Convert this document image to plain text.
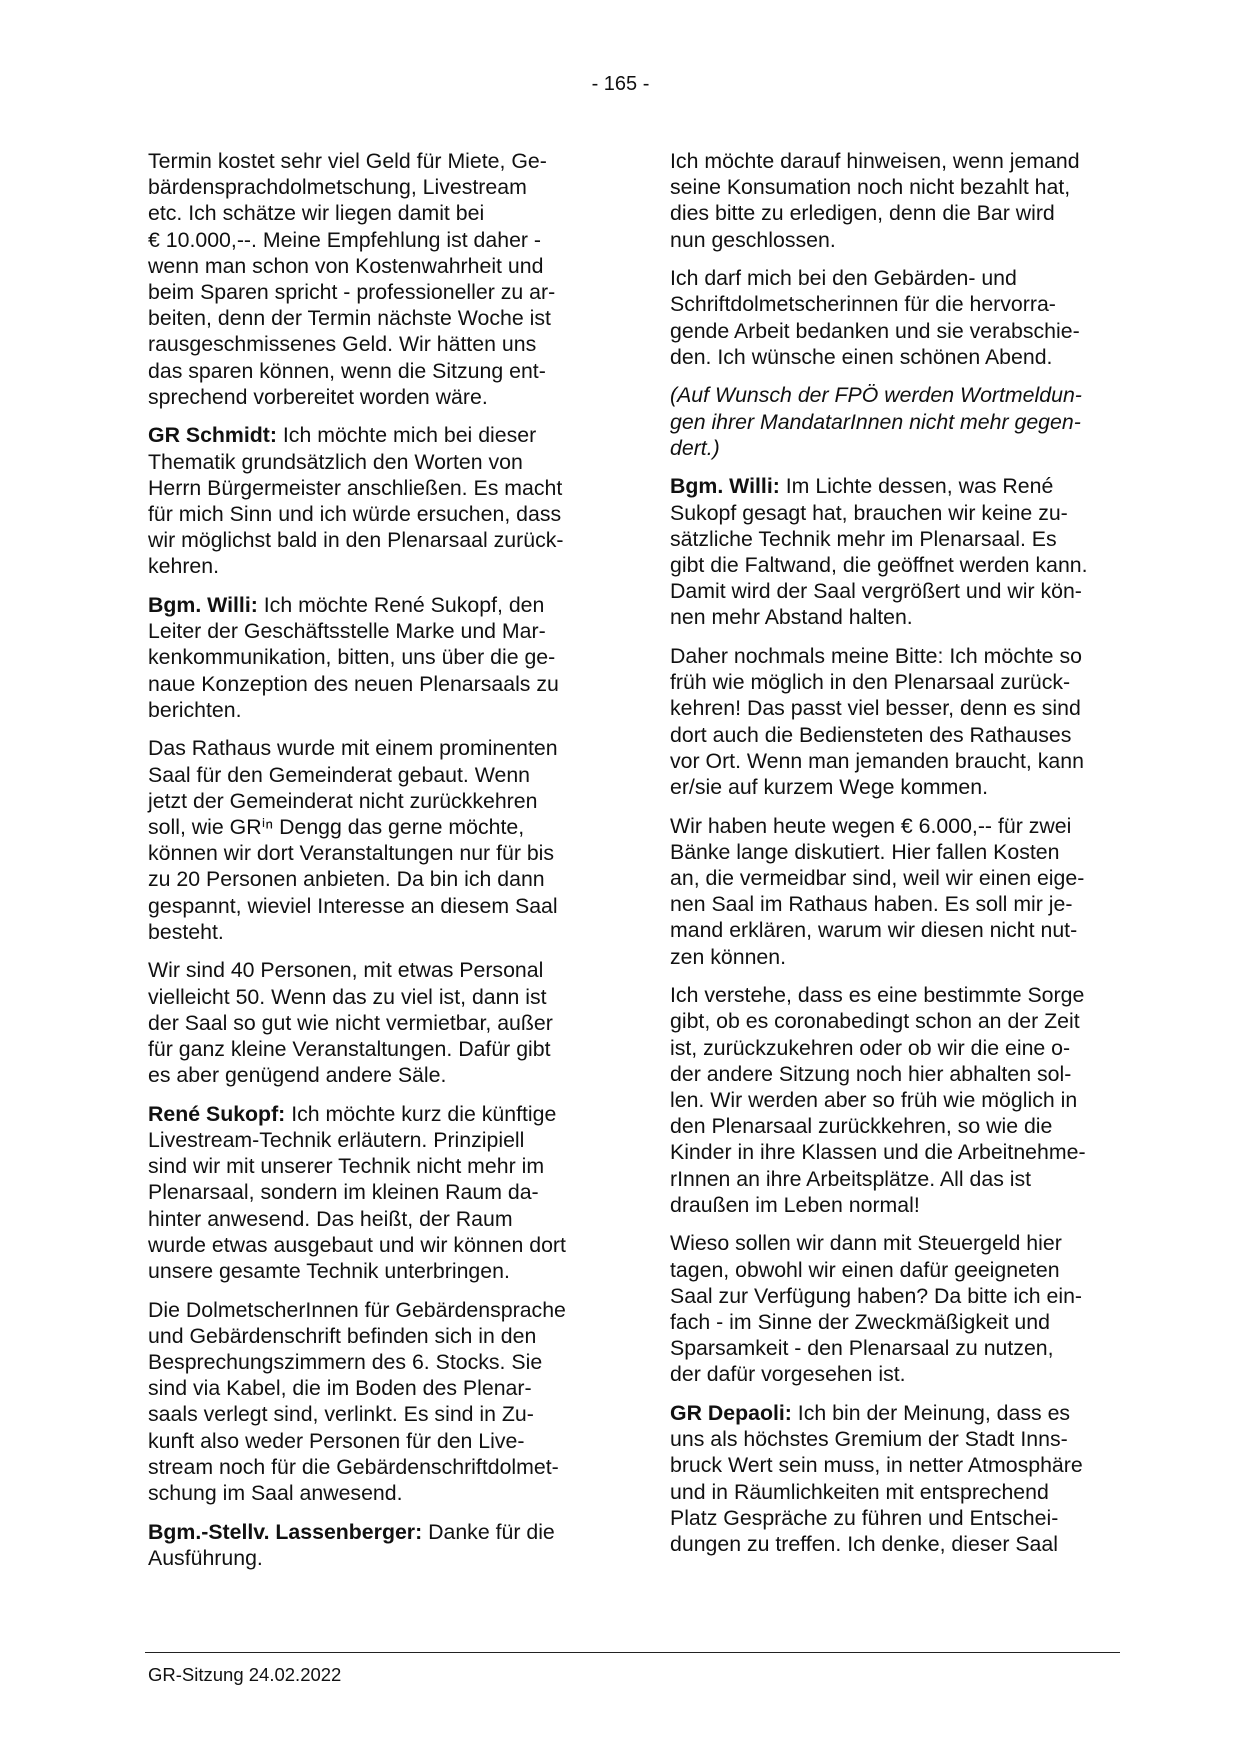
- 165 -
Termin kostet sehr viel Geld für Miete, Ge-
bärdensprachdolmetschung, Livestream
etc. Ich schätze wir liegen damit bei
€ 10.000,--. Meine Empfehlung ist daher -
wenn man schon von Kostenwahrheit und
beim Sparen spricht - professioneller zu ar-
beiten, denn der Termin nächste Woche ist
rausgeschmissenes Geld. Wir hätten uns
das sparen können, wenn die Sitzung ent-
sprechend vorbereitet worden wäre.
GR Schmidt: Ich möchte mich bei dieser
Thematik grundsätzlich den Worten von
Herrn Bürgermeister anschließen. Es macht
für mich Sinn und ich würde ersuchen, dass
wir möglichst bald in den Plenarsaal zurück-
kehren.
Bgm. Willi: Ich möchte René Sukopf, den
Leiter der Geschäftsstelle Marke und Mar-
kenkommunikation, bitten, uns über die ge-
naue Konzeption des neuen Plenarsaals zu
berichten.
Das Rathaus wurde mit einem prominenten
Saal für den Gemeinderat gebaut. Wenn
jetzt der Gemeinderat nicht zurückkehren
soll, wie GRⁱⁿ Dengg das gerne möchte,
können wir dort Veranstaltungen nur für bis
zu 20 Personen anbieten. Da bin ich dann
gespannt, wieviel Interesse an diesem Saal
besteht.
Wir sind 40 Personen, mit etwas Personal
vielleicht 50. Wenn das zu viel ist, dann ist
der Saal so gut wie nicht vermietbar, außer
für ganz kleine Veranstaltungen. Dafür gibt
es aber genügend andere Säle.
René Sukopf: Ich möchte kurz die künftige
Livestream-Technik erläutern. Prinzipiell
sind wir mit unserer Technik nicht mehr im
Plenarsaal, sondern im kleinen Raum da-
hinter anwesend. Das heißt, der Raum
wurde etwas ausgebaut und wir können dort
unsere gesamte Technik unterbringen.
Die DolmetscherInnen für Gebärdensprache
und Gebärdenschrift befinden sich in den
Besprechungszimmern des 6. Stocks. Sie
sind via Kabel, die im Boden des Plenar-
saals verlegt sind, verlinkt. Es sind in Zu-
kunft also weder Personen für den Live-
stream noch für die Gebärdenschriftdolmet-
schung im Saal anwesend.
Bgm.-Stellv. Lassenberger: Danke für die
Ausführung.
Ich möchte darauf hinweisen, wenn jemand
seine Konsumation noch nicht bezahlt hat,
dies bitte zu erledigen, denn die Bar wird
nun geschlossen.
Ich darf mich bei den Gebärden- und
Schriftdolmetscherinnen für die hervorra-
gende Arbeit bedanken und sie verabschie-
den. Ich wünsche einen schönen Abend.
(Auf Wunsch der FPÖ werden Wortmeldun-
gen ihrer MandatarInnen nicht mehr gegen-
dert.)
Bgm. Willi: Im Lichte dessen, was René
Sukopf gesagt hat, brauchen wir keine zu-
sätzliche Technik mehr im Plenarsaal. Es
gibt die Faltwand, die geöffnet werden kann.
Damit wird der Saal vergrößert und wir kön-
nen mehr Abstand halten.
Daher nochmals meine Bitte: Ich möchte so
früh wie möglich in den Plenarsaal zurück-
kehren! Das passt viel besser, denn es sind
dort auch die Bediensteten des Rathauses
vor Ort. Wenn man jemanden braucht, kann
er/sie auf kurzem Wege kommen.
Wir haben heute wegen € 6.000,-- für zwei
Bänke lange diskutiert. Hier fallen Kosten
an, die vermeidbar sind, weil wir einen eige-
nen Saal im Rathaus haben. Es soll mir je-
mand erklären, warum wir diesen nicht nut-
zen können.
Ich verstehe, dass es eine bestimmte Sorge
gibt, ob es coronabedingt schon an der Zeit
ist, zurückzukehren oder ob wir die eine o-
der andere Sitzung noch hier abhalten sol-
len. Wir werden aber so früh wie möglich in
den Plenarsaal zurückkehren, so wie die
Kinder in ihre Klassen und die Arbeitnehme-
rInnen an ihre Arbeitsplätze. All das ist
draußen im Leben normal!
Wieso sollen wir dann mit Steuergeld hier
tagen, obwohl wir einen dafür geeigneten
Saal zur Verfügung haben? Da bitte ich ein-
fach - im Sinne der Zweckmäßigkeit und
Sparsamkeit - den Plenarsaal zu nutzen,
der dafür vorgesehen ist.
GR Depaoli: Ich bin der Meinung, dass es
uns als höchstes Gremium der Stadt Inns-
bruck Wert sein muss, in netter Atmosphäre
und in Räumlichkeiten mit entsprechend
Platz Gespräche zu führen und Entschei-
dungen zu treffen. Ich denke, dieser Saal
GR-Sitzung 24.02.2022
